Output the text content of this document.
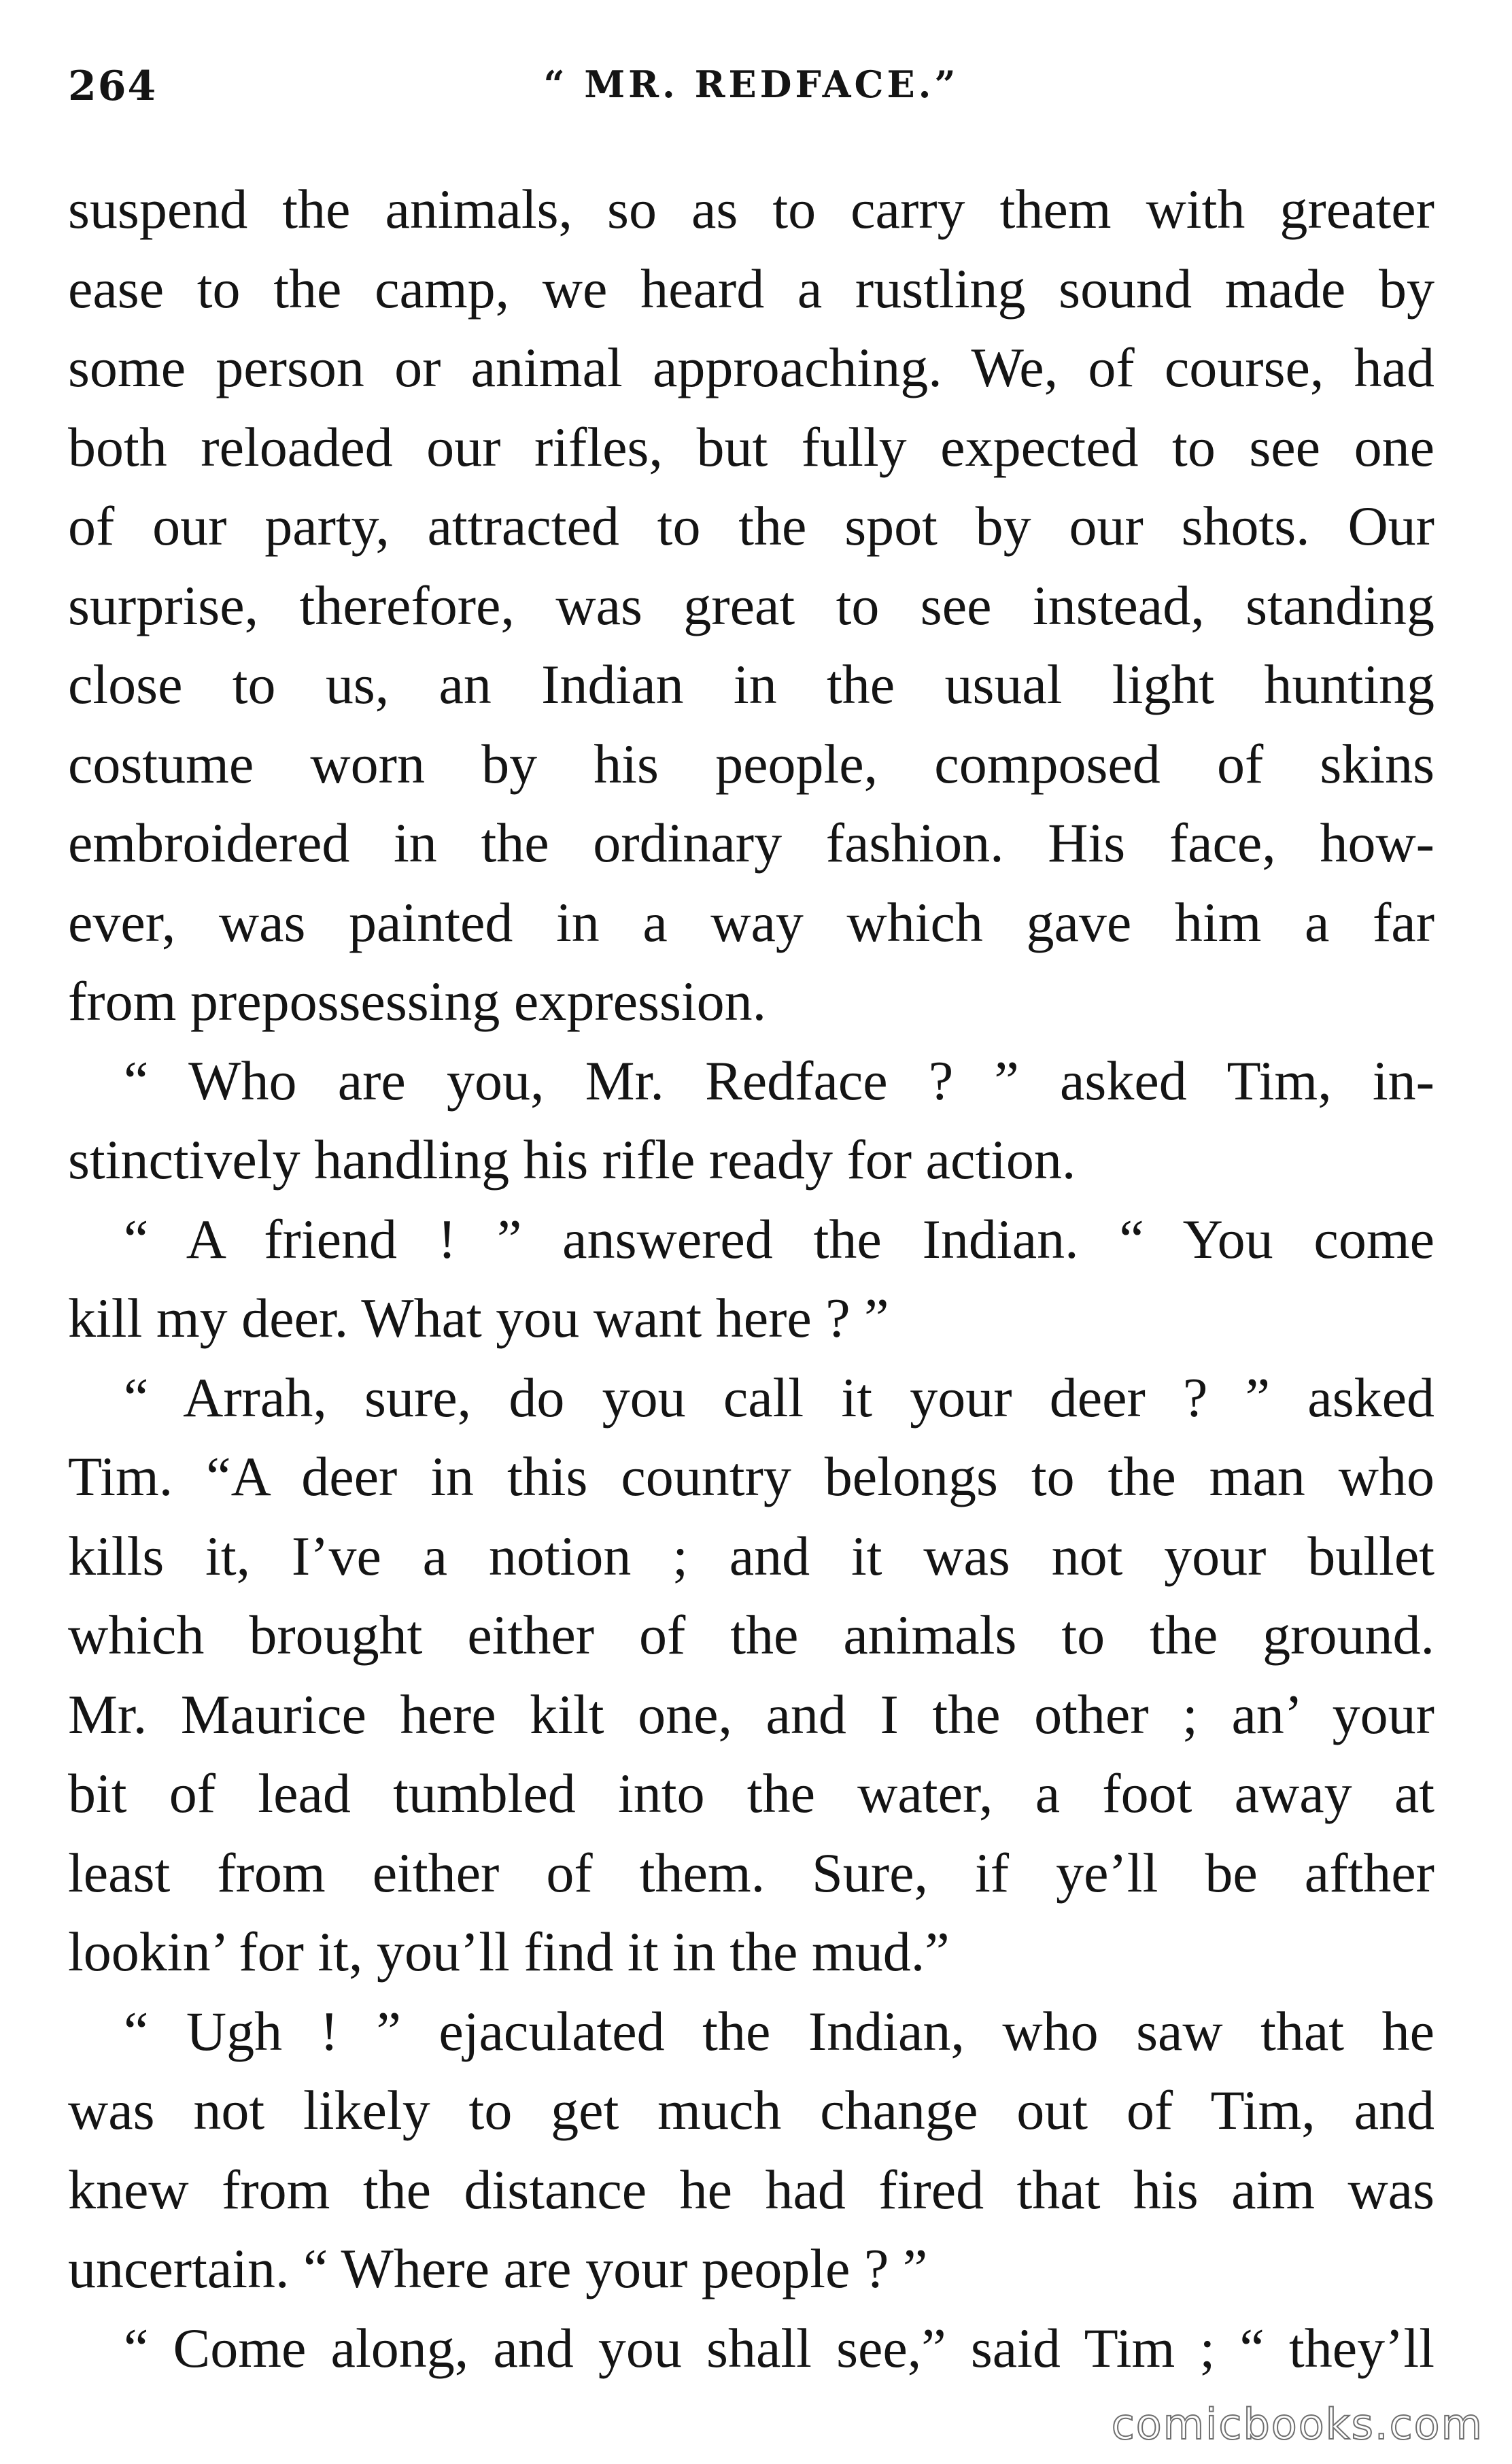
264	“ MR. REDFACE.”
suspend the animals, so as to carry them with greater
ease to the camp, we heard a rustling sound made by
some person or animal approaching. We, of course, had
both reloaded our rifles, but fully expected to see one
of our party, attracted to the spot by our shots. Our
surprise, therefore, was great to see instead, standing
close to us, an Indian in the usual light hunting
costume worn by his people, composed of skins
embroidered in the ordinary fashion. His face, how-
ever, was painted in a way which gave him a far
from prepossessing expression.
“ Who are you, Mr. Redface ? ” asked Tim, in-
stinctively handling his rifle ready for action.
“ A friend ! ” answered the Indian. “ You come
kill my deer. What you want here ? ”
“ Arrah, sure, do you call it your deer ? ” asked
Tim. “A deer in this country belongs to the man who
kills it, I’ve a notion ; and it was not your bullet
which brought either of the animals to the ground.
Mr. Maurice here kilt one, and I the other ; an’ your
bit of lead tumbled into the water, a foot away at
least from either of them. Sure, if ye’ll be afther
lookin’ for it, you’ll find it in the mud.”
“ Ugh ! ” ejaculated the Indian, who saw that he
was not likely to get much change out of Tim, and
knew from the distance he had fired that his aim was
uncertain. “ Where are your people ? ”
“ Come along, and you shall see,” said Tim ; “ they’ll
comicbooks.com
